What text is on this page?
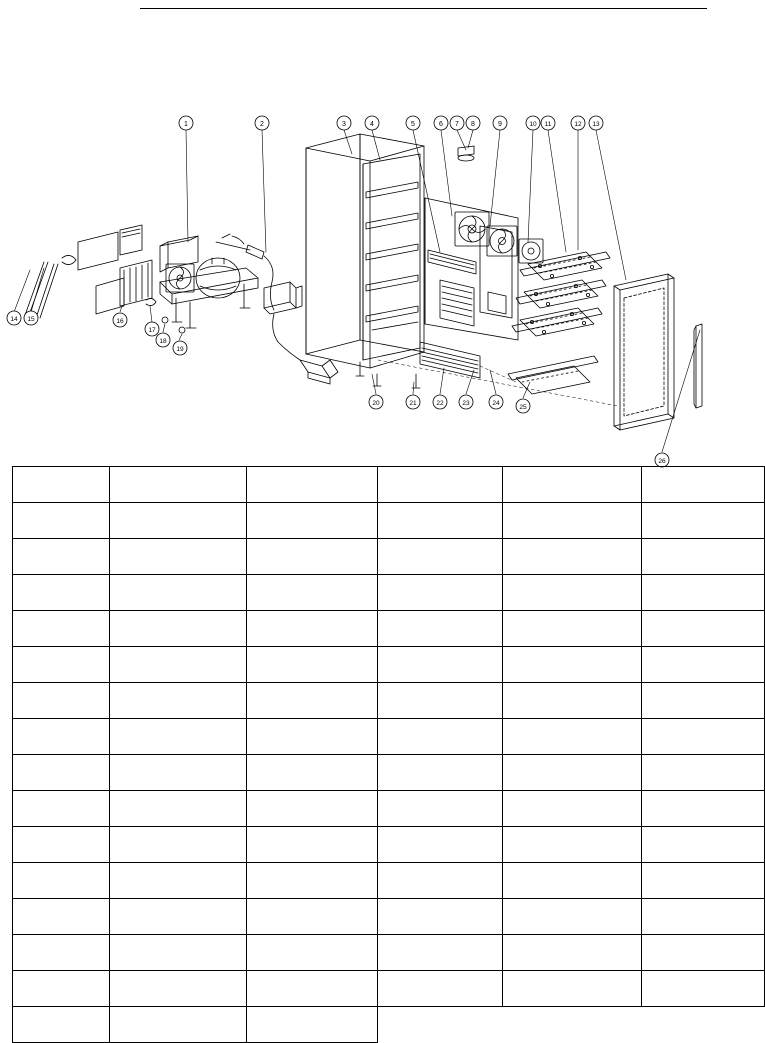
1	2	3	4	5	6 7 8	9	10 11	12 13
14 15	16
17
18
19
20	21	22	23	24
25
26
